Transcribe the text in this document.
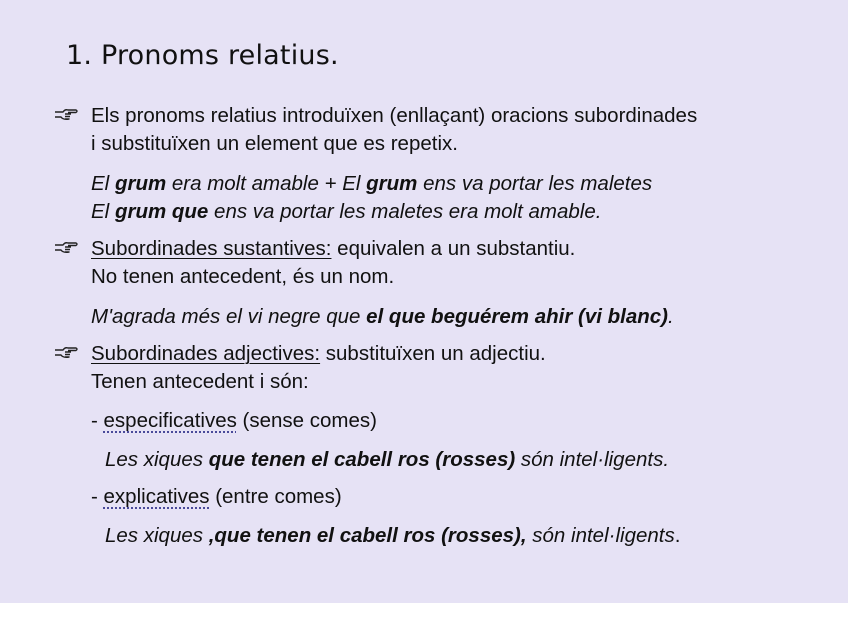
1. Pronoms relatius.
Els pronoms relatius introduïxen (enllaçant) oracions subordinades
i substituïxen un element que es repetix.
El grum era molt amable + El grum ens va portar les maletes
El grum que ens va portar les maletes era molt amable.
Subordinades sustantives: equivalen a un substantiu.
No tenen antecedent, és un nom.
M'agrada més el vi negre que el que beguérem ahir (vi blanc).
Subordinades adjectives: substituïxen un adjectiu.
Tenen antecedent i són:
- especificatives (sense comes)
Les xiques que tenen el cabell ros (rosses) són intel·ligents.
- explicatives (entre comes)
Les xiques ,que tenen el cabell ros (rosses), són intel·ligents.
